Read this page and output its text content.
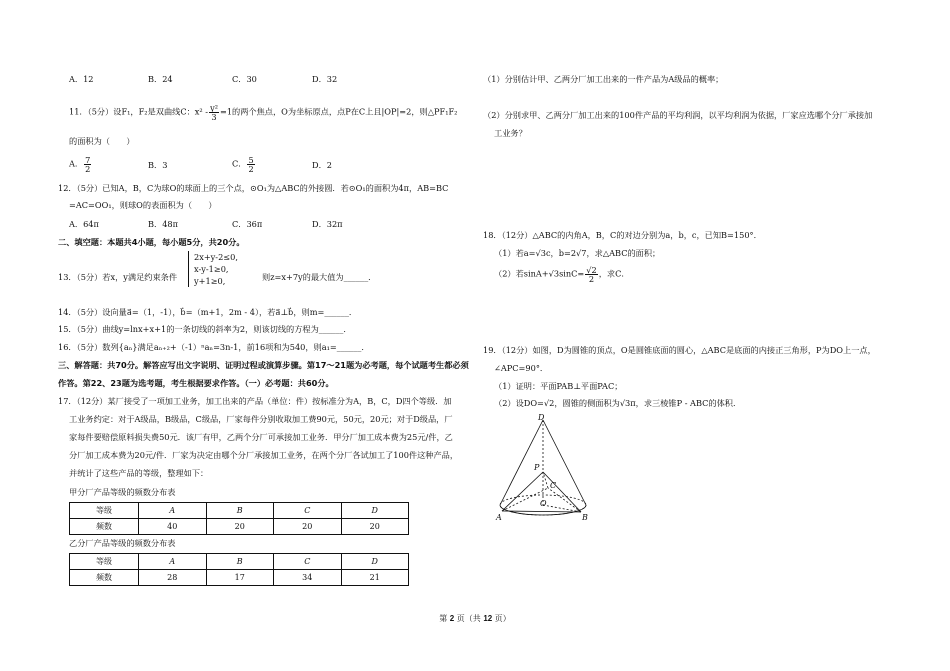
A．12	B．24	C．30	D．32
11．（5分）设F₁，F₂是双曲线C：$x^2 - \frac{\text{y²}}{3} =1$的两个焦点，O为坐标原点，点P在C上且|OP|=2，则△PF₁F₂
的面积为（　　）
A． $\frac{7}{2}$	B．3	C． $\frac{5}{2}$	D．2
12．（5分）已知A，B，C为球O的球面上的三个点，⊙O₁为△ABC的外接圆．若⊙O₁的面积为4π，AB=BC
=AC=OO₁，则球O的表面积为（　　）
A．64π	B．48π	C．36π	D．32π
二、填空题：本题共4小题，每小题5分，共20分。
13．（5分）若x，y满足约束条件
2x+y-2≤0,
x-y-1≥0,
y+1≥0,	则z=x+7y的最大值为______．
14．（5分）设向量a⃗=（1，-1），b⃗=（m+1，2m - 4），若a⃗⊥b⃗，则m=______．
15．（5分）曲线y=lnx+x+1的一条切线的斜率为2，则该切线的方程为______．
16．（5分）数列{aₙ}满足aₙ₊₂+（-1）ⁿaₙ=3n-1，前16项和为540，则a₁=______．
三、解答题：共70分。解答应写出文字说明、证明过程或演算步骤。第17～21题为必考题，每个试题考生都必须
作答。第22、23题为选考题，考生根据要求作答。（一）必考题：共60分。
17．（12分）某厂接受了一项加工业务，加工出来的产品（单位：件）按标准分为A，B，C，D四个等级．加
工业务约定：对于A级品，B级品，C级品，厂家每件分别收取加工费90元，50元，20元；对于D级品，厂
家每件要赔偿原料损失费50元．该厂有甲，乙两个分厂可承接加工业务．甲分厂加工成本费为25元/件，乙
分厂加工成本费为20元/件．厂家为决定由哪个分厂承接加工业务，在两个分厂各试加工了100件这种产品，
并统计了这些产品的等级，整理如下：
甲分厂产品等级的频数分布表
等级	A	B	C	D
频数	40	20	20	20
乙分厂产品等级的频数分布表
等级	A	B	C	D
频数	28	17	34	21
（1）分别估计甲、乙两分厂加工出来的一件产品为A级品的概率；
（2）分别求甲、乙两分厂加工出来的100件产品的平均利润，以平均利润为依据，厂家应选哪个分厂承接加
工业务？
18．（12分）△ABC的内角A，B，C的对边分别为a，b，c，已知B=150°．
（1）若a=√3c，b=2√7，求△ABC的面积；
（2）若$\sin A+√3\sin C= \frac{√2}{2}$ ，求C．
19．（12分）如图，D为圆锥的顶点，O是圆锥底面的圆心，△ABC是底面的内接正三角形，P为DO上一点，
∠APC=90°．
（1）证明：平面PAB⊥平面PAC；
（2）设DO=√2，圆锥的侧面积为√3π，求三棱锥P - ABC的体积．
D
P
C
A
O
B
第 2 页（共 12 页）
